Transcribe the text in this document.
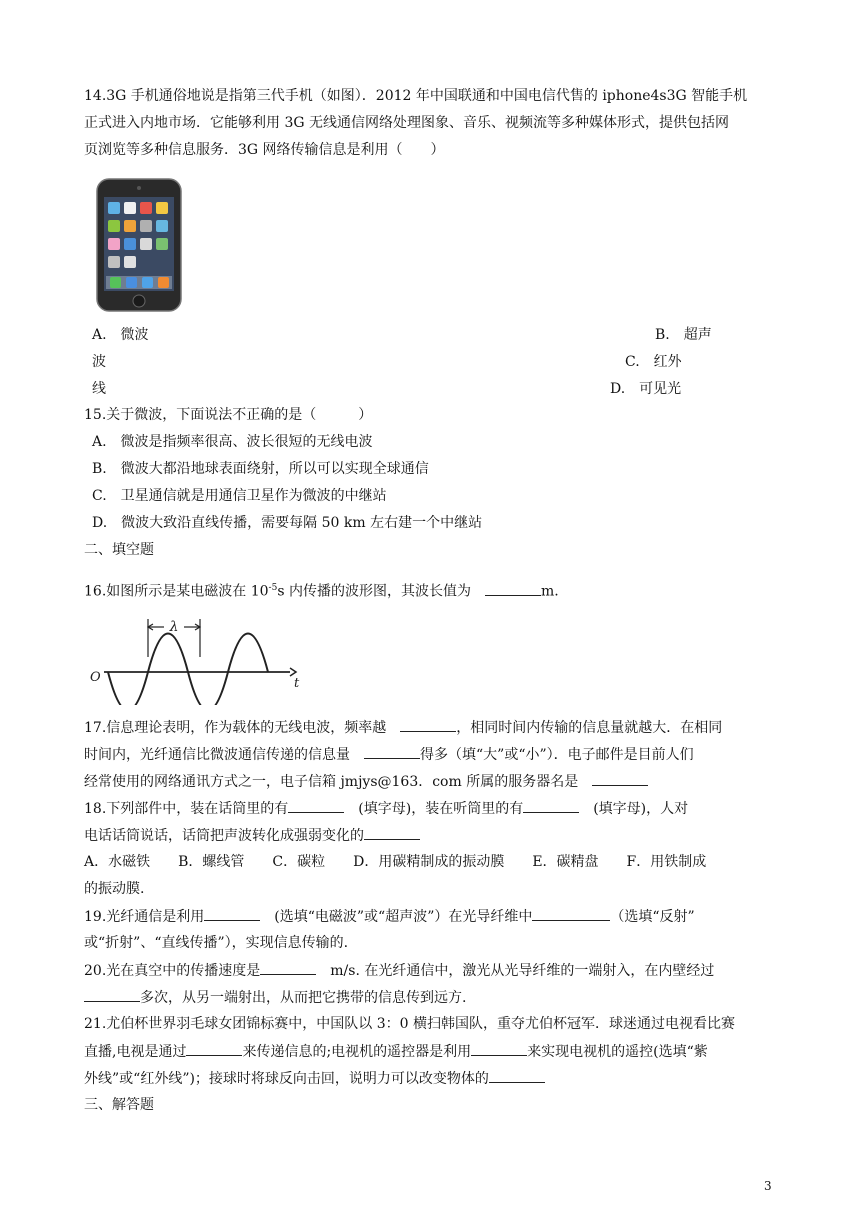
14.3G 手机通俗地说是指第三代手机（如图）．2012 年中国联通和中国电信代售的 iphone4s3G 智能手机
正式进入内地市场．它能够利用 3G 无线通信网络处理图象、音乐、视频流等多种媒体形式，提供包括网
页浏览等多种信息服务．3G 网络传输信息是利用（　　）
A.　微波	B.　超声
波	C.　红外
线	D.　可见光
15.关于微波，下面说法不正确的是（　　　）
A.　微波是指频率很高、波长很短的无线电波
B.　微波大都沿地球表面绕射，所以可以实现全球通信
C.　卫星通信就是用通信卫星作为微波的中继站
D.　微波大致沿直线传播，需要每隔 50 km 左右建一个中继站
二、填空题
16.如图所示是某电磁波在 $10^{-5}s$ 内传播的波形图，其波长值为　	m.
λ
O	t
17.信息理论表明，作为载体的无线电波，频率越　	，相同时间内传输的信息量就越大．在相同
时间内，光纤通信比微波通信传递的信息量　	得多（填“大”或“小”）．电子邮件是目前人们
经常使用的网络通讯方式之一，电子信箱 jmjys@163．com 所属的服务器名是　
18.下列部件中，装在话筒里的有	　(填字母)，装在听筒里的有	　(填字母)，人对
电话话筒说话，话筒把声波转化成强弱变化的
A．水磁铁　　B．螺线管　　C．碳粒　　D．用碳精制成的振动膜　　E．碳精盘　　F．用铁制成
的振动膜.
19.光纤通信是利用	　(选填“电磁波”或“超声波”）在光导纤维中	（选填“反射”
或“折射”、“直线传播”），实现信息传输的.
20.光在真空中的传播速度是	　m/s. 在光纤通信中，激光从光导纤维的一端射入，在内壁经过
多次，从另一端射出，从而把它携带的信息传到远方.
21.尤伯杯世界羽毛球女团锦标赛中，中国队以 3：0 横扫韩国队，重夺尤伯杯冠军．球迷通过电视看比赛
直播,电视是通过	来传递信息的;电视机的遥控器是利用	来实现电视机的遥控(选填“紫
外线”或“红外线”)；接球时将球反向击回，说明力可以改变物体的
三、解答题
3
